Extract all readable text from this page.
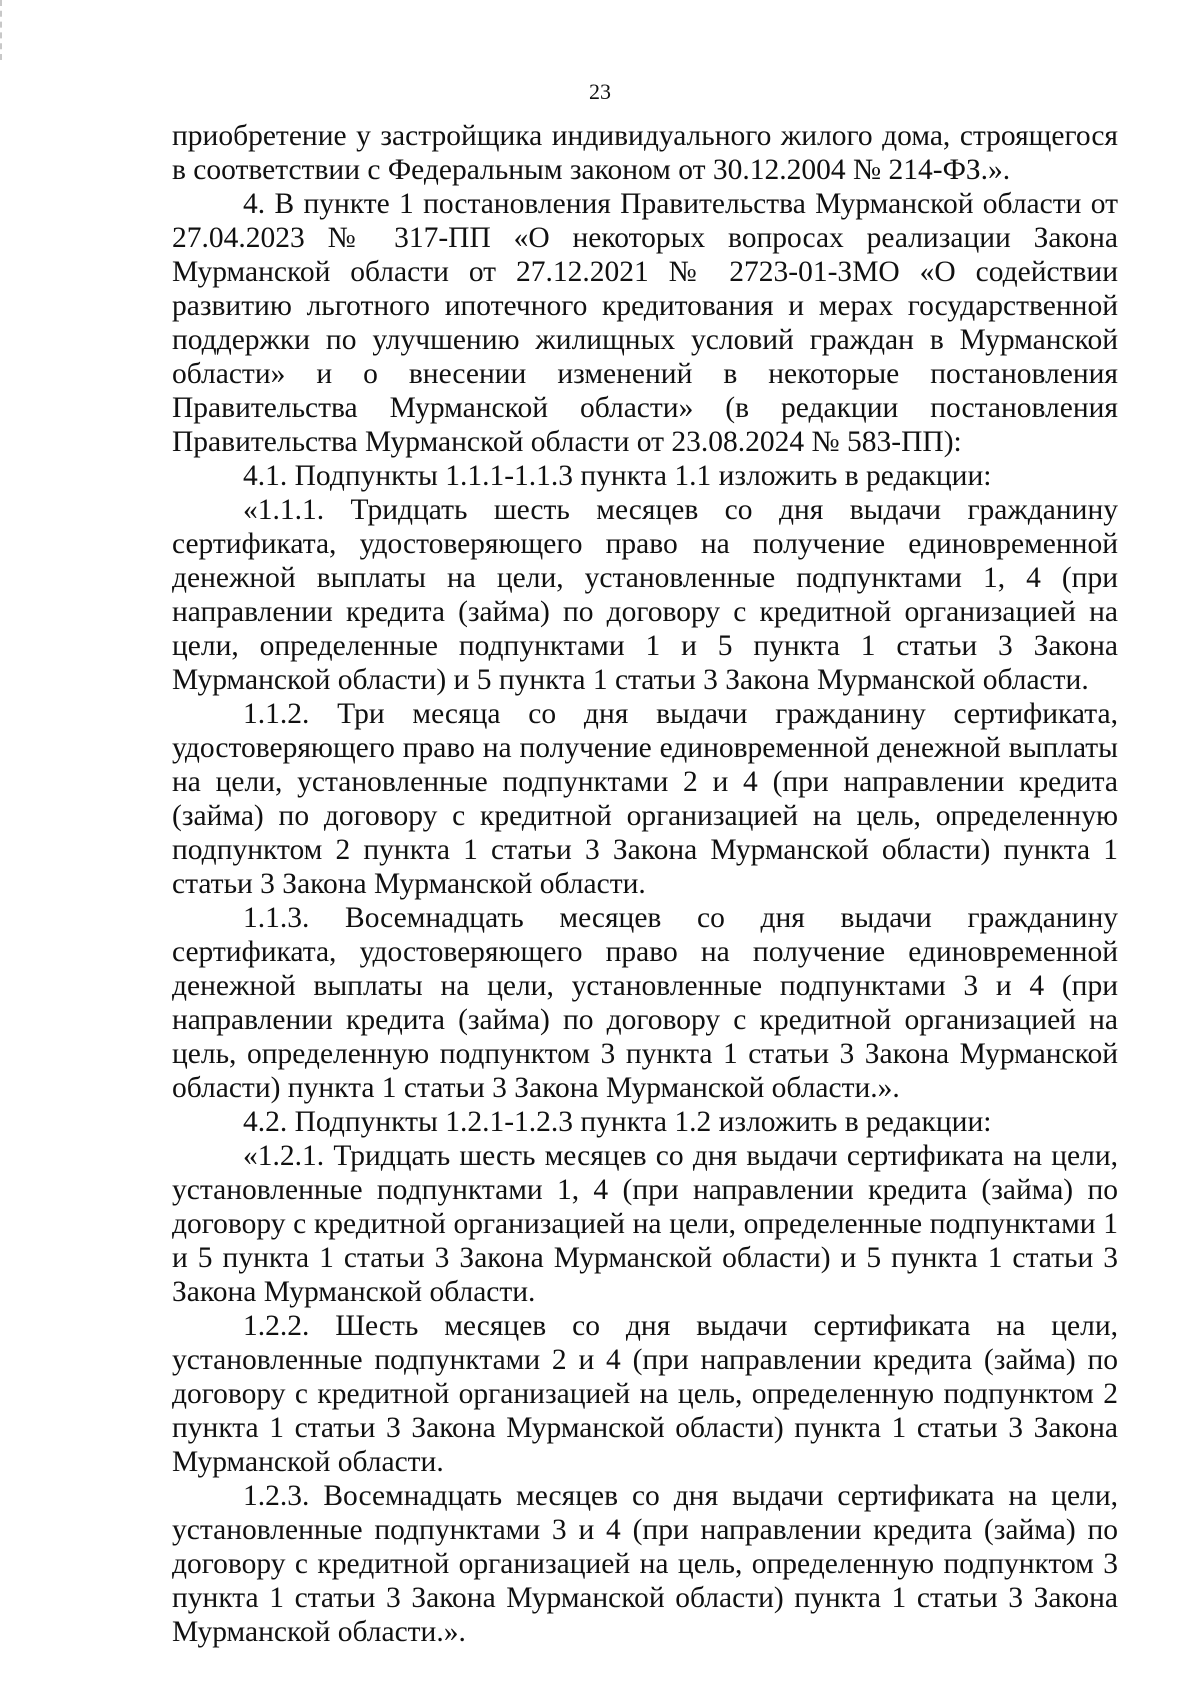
23

приобретение у застройщика индивидуального жилого дома, строящегося в соответствии с Федеральным законом от 30.12.2004 № 214-ФЗ.».

4. В пункте 1 постановления Правительства Мурманской области от 27.04.2023 № 317-ПП «О некоторых вопросах реализации Закона Мурманской области от 27.12.2021 № 2723-01-ЗМО «О содействии развитию льготного ипотечного кредитования и мерах государственной поддержки по улучшению жилищных условий граждан в Мурманской области» и о внесении изменений в некоторые постановления Правительства Мурманской области» (в редакции постановления Правительства Мурманской области от 23.08.2024 № 583-ПП):

4.1. Подпункты 1.1.1-1.1.3 пункта 1.1 изложить в редакции:

«1.1.1. Тридцать шесть месяцев со дня выдачи гражданину сертификата, удостоверяющего право на получение единовременной денежной выплаты на цели, установленные подпунктами 1, 4 (при направлении кредита (займа) по договору с кредитной организацией на цели, определенные подпунктами 1 и 5 пункта 1 статьи 3 Закона Мурманской области) и 5 пункта 1 статьи 3 Закона Мурманской области.

1.1.2. Три месяца со дня выдачи гражданину сертификата, удостоверяющего право на получение единовременной денежной выплаты на цели, установленные подпунктами 2 и 4 (при направлении кредита (займа) по договору с кредитной организацией на цель, определенную подпунктом 2 пункта 1 статьи 3 Закона Мурманской области) пункта 1 статьи 3 Закона Мурманской области.

1.1.3. Восемнадцать месяцев со дня выдачи гражданину сертификата, удостоверяющего право на получение единовременной денежной выплаты на цели, установленные подпунктами 3 и 4 (при направлении кредита (займа) по договору с кредитной организацией на цель, определенную подпунктом 3 пункта 1 статьи 3 Закона Мурманской области) пункта 1 статьи 3 Закона Мурманской области.».

4.2. Подпункты 1.2.1-1.2.3 пункта 1.2 изложить в редакции:

«1.2.1. Тридцать шесть месяцев со дня выдачи сертификата на цели, установленные подпунктами 1, 4 (при направлении кредита (займа) по договору с кредитной организацией на цели, определенные подпунктами 1 и 5 пункта 1 статьи 3 Закона Мурманской области) и 5 пункта 1 статьи 3 Закона Мурманской области.

1.2.2. Шесть месяцев со дня выдачи сертификата на цели, установленные подпунктами 2 и 4 (при направлении кредита (займа) по договору с кредитной организацией на цель, определенную подпунктом 2 пункта 1 статьи 3 Закона Мурманской области) пункта 1 статьи 3 Закона Мурманской области.

1.2.3. Восемнадцать месяцев со дня выдачи сертификата на цели, установленные подпунктами 3 и 4 (при направлении кредита (займа) по договору с кредитной организацией на цель, определенную подпунктом 3 пункта 1 статьи 3 Закона Мурманской области) пункта 1 статьи 3 Закона Мурманской области.».
